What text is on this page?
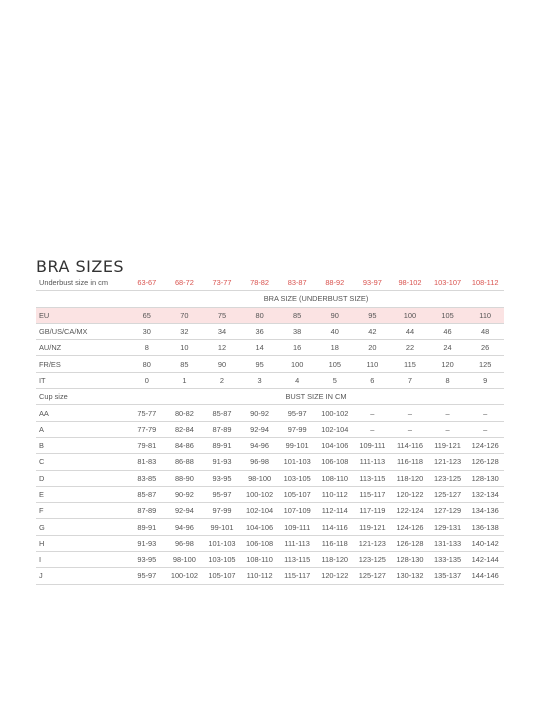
BRA SIZES
Underbust size in cm	63-67	68-72	73-77	78-82	83-87	88-92	93-97	98-102	103-107	108-112
	BRA SIZE (UNDERBUST SIZE)									
EU	65	70	75	80	85	90	95	100	105	110
GB/US/CA/MX	30	32	34	36	38	40	42	44	46	48
AU/NZ	8	10	12	14	16	18	20	22	24	26
FR/ES	80	85	90	95	100	105	110	115	120	125
IT	0	1	2	3	4	5	6	7	8	9
Cup size	BUST SIZE IN CM									
AA	75-77	80-82	85-87	90-92	95-97	100-102	–	–	–	–
A	77-79	82-84	87-89	92-94	97-99	102-104	–	–	–	–
B	79-81	84-86	89-91	94-96	99-101	104-106	109-111	114-116	119-121	124-126
C	81-83	86-88	91-93	96-98	101-103	106-108	111-113	116-118	121-123	126-128
D	83-85	88-90	93-95	98-100	103-105	108-110	113-115	118-120	123-125	128-130
E	85-87	90-92	95-97	100-102	105-107	110-112	115-117	120-122	125-127	132-134
F	87-89	92-94	97-99	102-104	107-109	112-114	117-119	122-124	127-129	134-136
G	89-91	94-96	99-101	104-106	109-111	114-116	119-121	124-126	129-131	136-138
H	91-93	96-98	101-103	106-108	111-113	116-118	121-123	126-128	131-133	140-142
I	93-95	98-100	103-105	108-110	113-115	118-120	123-125	128-130	133-135	142-144
J	95-97	100-102	105-107	110-112	115-117	120-122	125-127	130-132	135-137	144-146
